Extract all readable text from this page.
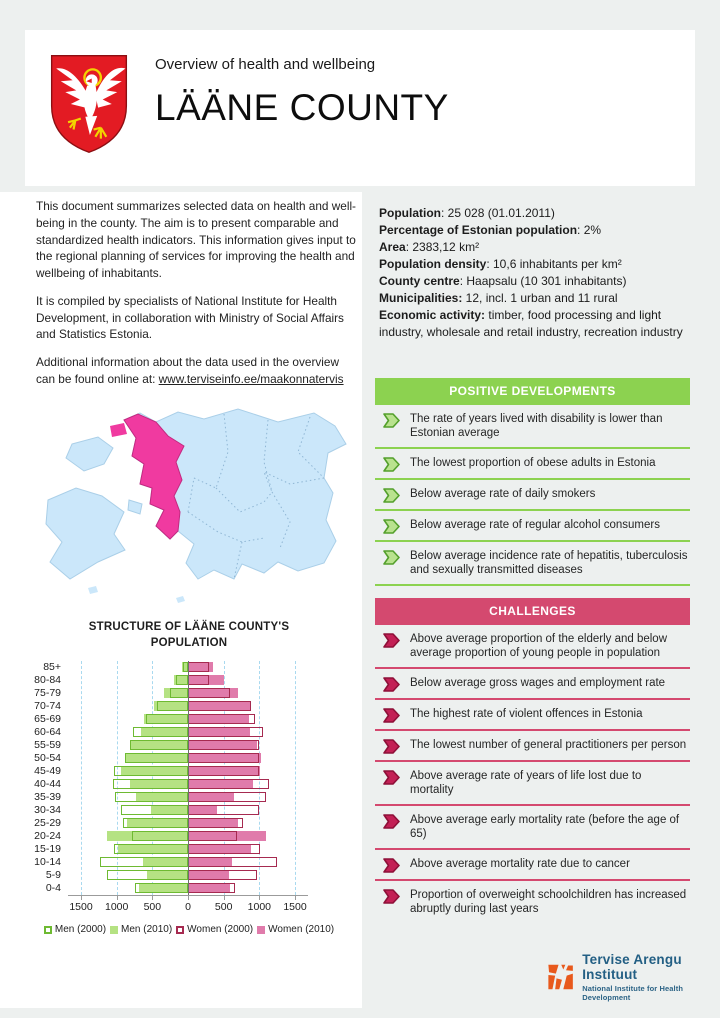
Overview of health and wellbeing
LÄÄNE COUNTY

This document summarizes selected data on health and well-being in the county. The aim is to present comparable and standardized health indicators. This information gives input to the regional planning of services for improving the health and wellbeing of inhabitants.

It is compiled by specialists of National Institute for Health Development, in collaboration with Ministry of Social Affairs and Statistics Estonia.

Additional information about the data used in the overview can be found online at: www.terviseinfo.ee/maakonnatervis

STRUCTURE OF LÄÄNE COUNTY'S POPULATION
85+
80-84
75-79
70-74
65-69
60-64
55-59
50-54
45-49
40-44
35-39
30-34
25-29
20-24
15-19
10-14
5-9
0-4
1500 1000 500 0 500 1000 1500
Men (2000) Men (2010) Women (2000) Women (2010)
Population: 25 028 (01.01.2011)
Percentage of Estonian population: 2%
Area: 2383,12 km²
Population density: 10,6 inhabitants per km²
County centre: Haapsalu (10 301 inhabitants)
Municipalities: 12, incl. 1 urban and 11 rural
Economic activity: timber, food processing and light industry, wholesale and retail industry, recreation industry
POSITIVE DEVELOPMENTS
The rate of years lived with disability is lower than Estonian average
The lowest proportion of obese adults in Estonia
Below average rate of daily smokers
Below average rate of regular alcohol consumers
Below average incidence rate of hepatitis, tuberculosis and sexually transmitted diseases
CHALLENGES
Above average proportion of the elderly and below average proportion of young people in population
Below average gross wages and employment rate
The highest rate of violent offences in Estonia
The lowest number of general practitioners per person
Above average rate of years of life lost due to mortality
Above average early mortality rate (before the age of 65)
Above average mortality rate due to cancer
Proportion of overweight schoolchildren has increased abruptly during last years
Tervise Arengu Instituut
National Institute for Health Development
